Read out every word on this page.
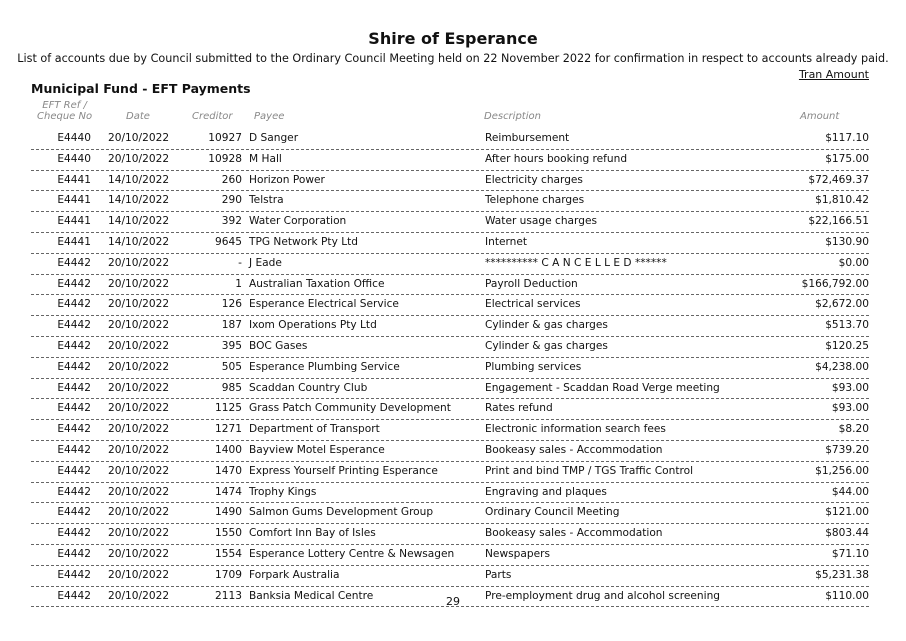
Shire of Esperance
List of accounts due by Council submitted to the Ordinary Council Meeting held on 22 November 2022 for confirmation in respect to accounts already paid.
Tran Amount
Municipal Fund - EFT Payments
EFT Ref /
Cheque No	Date	Creditor Payee	Description	Amount
E4440 20/10/2022	10927 D Sanger	Reimbursement	$117.10
E4440 20/10/2022	10928 M Hall	After hours booking refund	$175.00
E4441 14/10/2022	260 Horizon Power	Electricity charges	$72,469.37
E4441 14/10/2022	290 Telstra	Telephone charges	$1,810.42
E4441 14/10/2022	392 Water Corporation	Water usage charges	$22,166.51
E4441 14/10/2022	9645 TPG Network Pty Ltd	Internet	$130.90
E4442 20/10/2022	- J Eade	********** C A N C E L L E D ******	$0.00
E4442 20/10/2022	1 Australian Taxation Office	Payroll Deduction	$166,792.00
E4442 20/10/2022	126 Esperance Electrical Service	Electrical services	$2,672.00
E4442 20/10/2022	187 Ixom Operations Pty Ltd	Cylinder & gas charges	$513.70
E4442 20/10/2022	395 BOC Gases	Cylinder & gas charges	$120.25
E4442 20/10/2022	505 Esperance Plumbing Service	Plumbing services	$4,238.00
E4442 20/10/2022	985 Scaddan Country Club	Engagement - Scaddan Road Verge meeting	$93.00
E4442 20/10/2022	1125 Grass Patch Community Development	Rates refund	$93.00
E4442 20/10/2022	1271 Department of Transport	Electronic information search fees	$8.20
E4442 20/10/2022	1400 Bayview Motel Esperance	Bookeasy sales - Accommodation	$739.20
E4442 20/10/2022	1470 Express Yourself Printing Esperance	Print and bind TMP / TGS Traffic Control	$1,256.00
E4442 20/10/2022	1474 Trophy Kings	Engraving and plaques	$44.00
E4442 20/10/2022	1490 Salmon Gums Development Group	Ordinary Council Meeting	$121.00
E4442 20/10/2022	1550 Comfort Inn Bay of Isles	Bookeasy sales - Accommodation	$803.44
E4442 20/10/2022	1554 Esperance Lottery Centre & Newsagen	Newspapers	$71.10
E4442 20/10/2022	1709 Forpark Australia	Parts	$5,231.38
E4442 20/10/2022	2113 Banksia Medical Centre	Pre-employment drug and alcohol screening	$110.00
29
